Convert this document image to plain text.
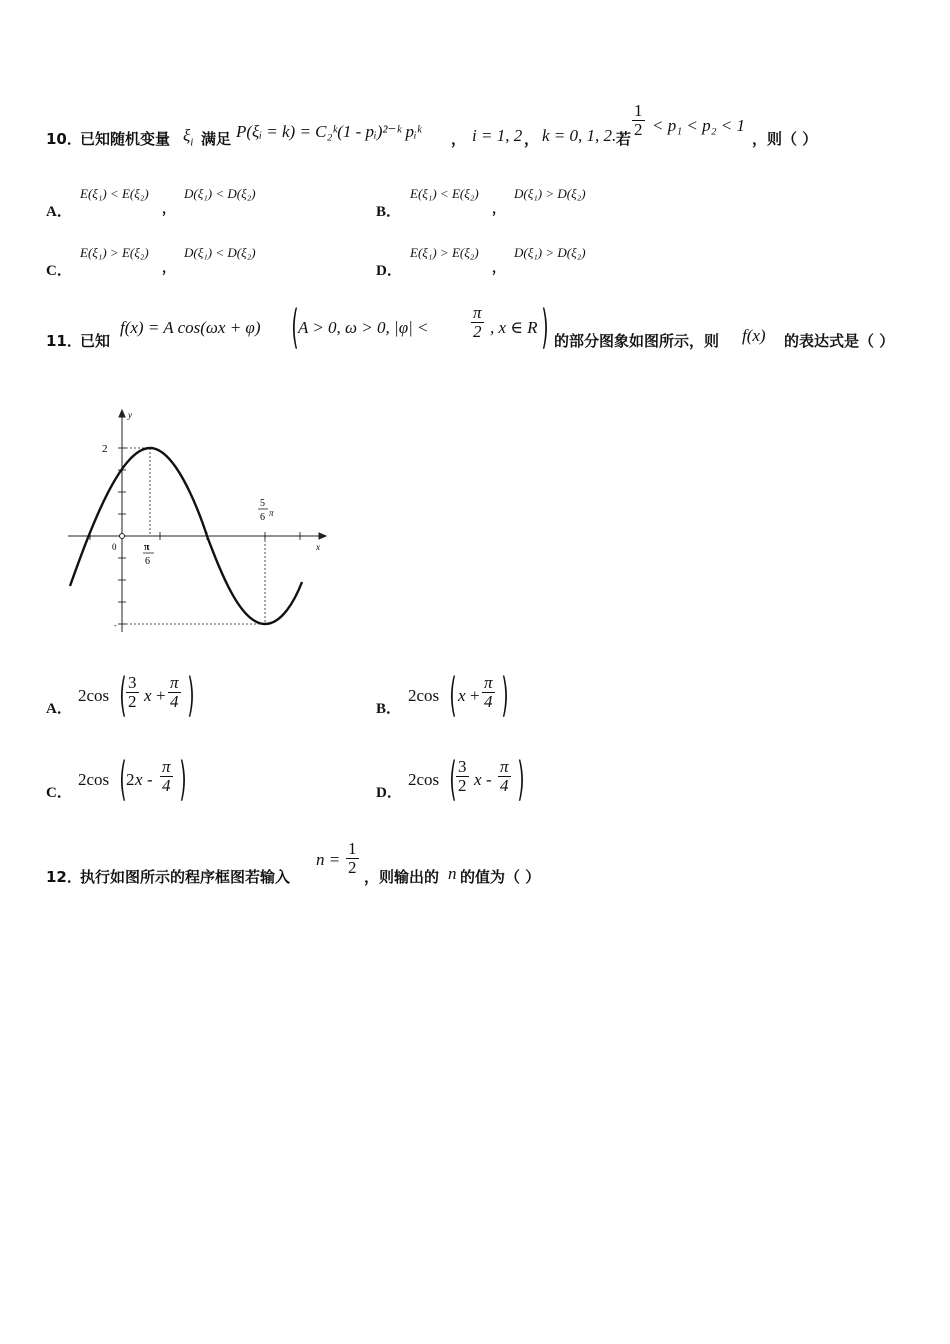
10．
已知随机变量 $\xi_i$ 满足 P(ξᵢ = k) = C₂ᵏ(1 - pᵢ)²⁻ᵏ pᵢᵏ ， i = 1, 2 ， k = 0, 1, 2. 若
$\frac{1}{2} < p_1 < p_2 < 1$
，则（ ）
A．
E(ξ₁) < E(ξ₂)
，
D(ξ₁) < D(ξ₂)
B．
E(ξ₁) < E(ξ₂)
，
D(ξ₁) > D(ξ₂)
C．
E(ξ₁) > E(ξ₂)
，
D(ξ₁) < D(ξ₂)
D．
E(ξ₁) > E(ξ₂)
，
D(ξ₁) > D(ξ₂)
11．
已知
f(x) = A cos(ωx + φ) ( A > 0, ω > 0, |φ| <	$\frac{\pi}{2}$ , x ∈ R ) 的部分图象如图所示，则 f(x) 的表达式是（ ）
y
x
0
2
-
π
6
5
6 π
A．
2cos ( $\frac{3}{2}$ $x + \frac{\pi}{4}$ )	B．
2cos ( $x + \frac{\pi}{4}$ )
C．
2cos ( 2 x - $\frac{\pi}{4}$ )	D．
2cos ( $\frac{3}{2}$ x - $\frac{\pi}{4}$ )
12．
执行如图所示的程序框图若输入
$n = \frac{1}{2}$
，则输出的 n 的值为（ ）
